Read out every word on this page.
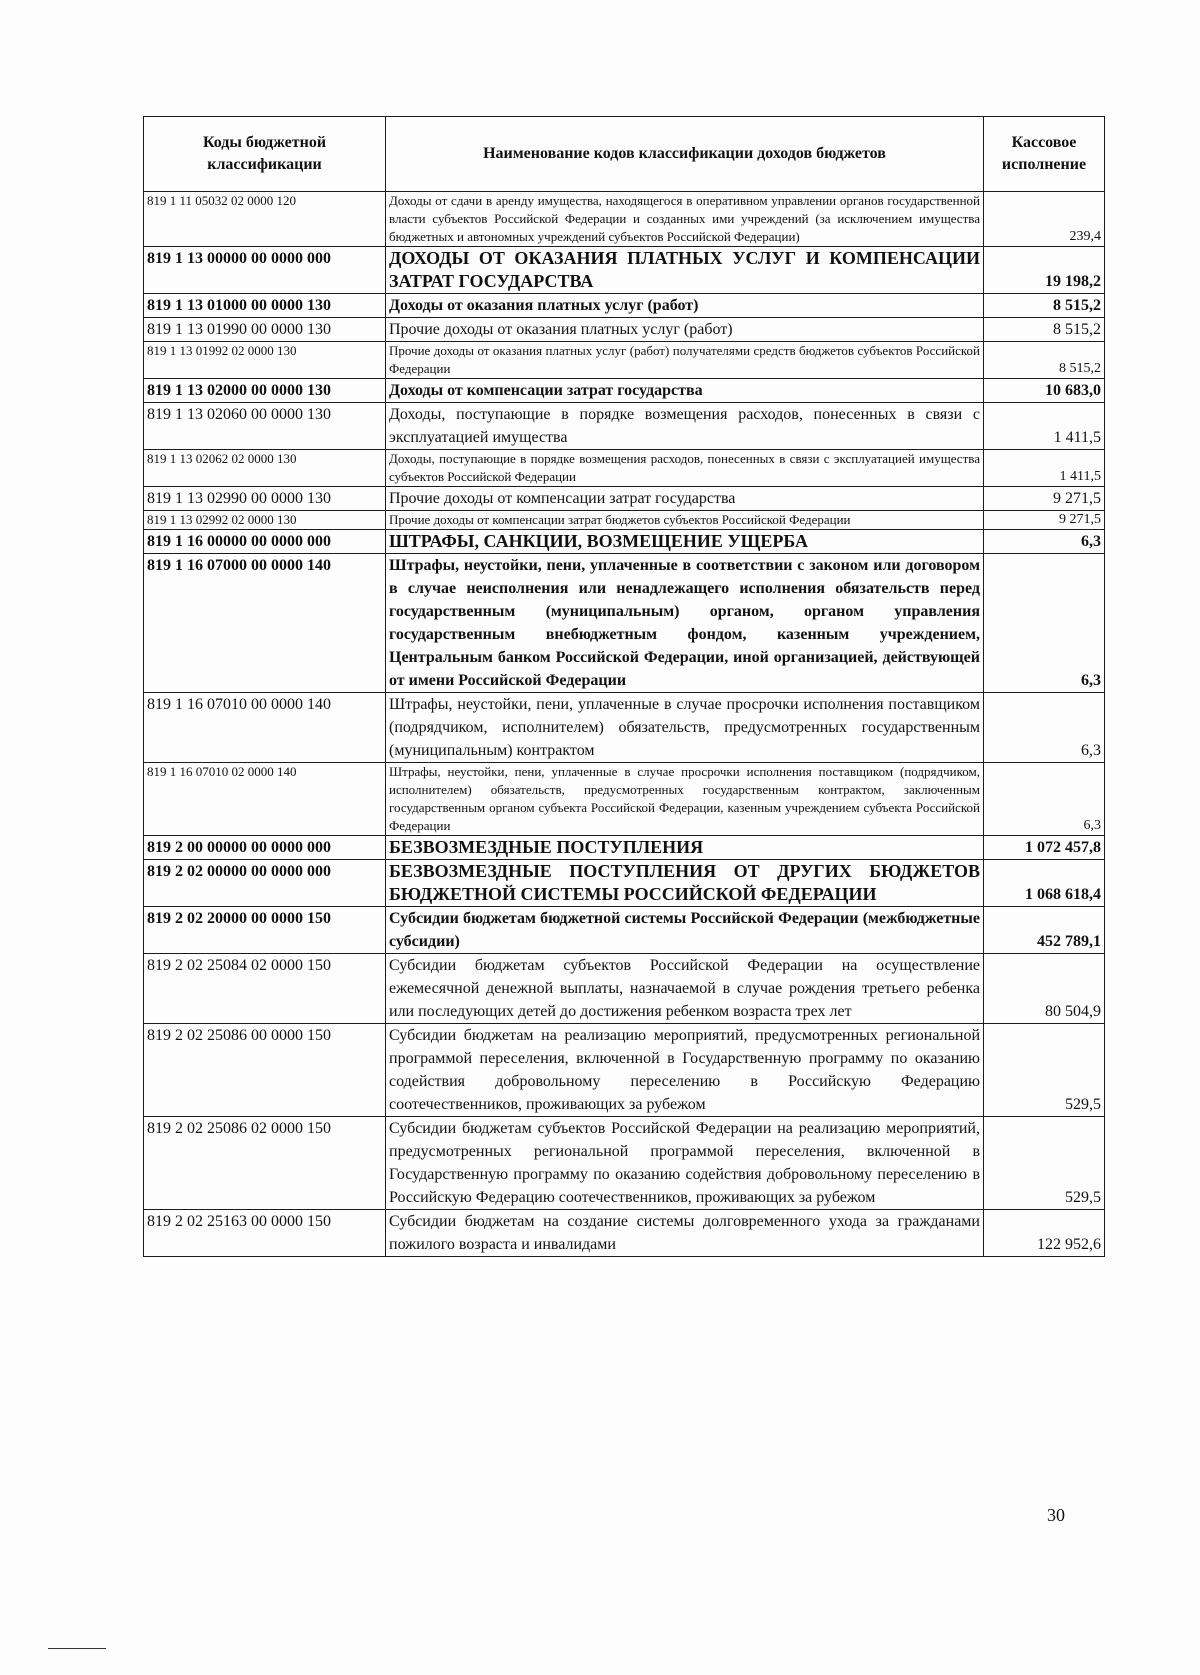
Коды бюджетной классификации	Наименование кодов классификации доходов бюджетов	Кассовое исполнение
819 1 11 05032 02 0000 120	Доходы от сдачи в аренду имущества, находящегося в оперативном управлении органов государственной власти субъектов Российской Федерации и созданных ими учреждений (за исключением имущества бюджетных и автономных учреждений субъектов Российской Федерации)	239,4
819 1 13 00000 00 0000 000	ДОХОДЫ ОТ ОКАЗАНИЯ ПЛАТНЫХ УСЛУГ И КОМПЕНСАЦИИ ЗАТРАТ ГОСУДАРСТВА	19 198,2
819 1 13 01000 00 0000 130	Доходы от оказания платных услуг (работ)	8 515,2
819 1 13 01990 00 0000 130	Прочие доходы от оказания платных услуг (работ)	8 515,2
819 1 13 01992 02 0000 130	Прочие доходы от оказания платных услуг (работ) получателями средств бюджетов субъектов Российской Федерации	8 515,2
819 1 13 02000 00 0000 130	Доходы от компенсации затрат государства	10 683,0
819 1 13 02060 00 0000 130	Доходы, поступающие в порядке возмещения расходов, понесенных в связи с эксплуатацией имущества	1 411,5
819 1 13 02062 02 0000 130	Доходы, поступающие в порядке возмещения расходов, понесенных в связи с эксплуатацией имущества субъектов Российской Федерации	1 411,5
819 1 13 02990 00 0000 130	Прочие доходы от компенсации затрат государства	9 271,5
819 1 13 02992 02 0000 130	Прочие доходы от компенсации затрат бюджетов субъектов Российской Федерации	9 271,5
819 1 16 00000 00 0000 000	ШТРАФЫ, САНКЦИИ, ВОЗМЕЩЕНИЕ УЩЕРБА	6,3
819 1 16 07000 00 0000 140	Штрафы, неустойки, пени, уплаченные в соответствии с законом или договором в случае неисполнения или ненадлежащего исполнения обязательств перед государственным (муниципальным) органом, органом управления государственным внебюджетным фондом, казенным учреждением, Центральным банком Российской Федерации, иной организацией, действующей от имени Российской Федерации	6,3
819 1 16 07010 00 0000 140	Штрафы, неустойки, пени, уплаченные в случае просрочки исполнения поставщиком (подрядчиком, исполнителем) обязательств, предусмотренных государственным (муниципальным) контрактом	6,3
819 1 16 07010 02 0000 140	Штрафы, неустойки, пени, уплаченные в случае просрочки исполнения поставщиком (подрядчиком, исполнителем) обязательств, предусмотренных государственным контрактом, заключенным государственным органом субъекта Российской Федерации, казенным учреждением субъекта Российской Федерации	6,3
819 2 00 00000 00 0000 000	БЕЗВОЗМЕЗДНЫЕ ПОСТУПЛЕНИЯ	1 072 457,8
819 2 02 00000 00 0000 000	БЕЗВОЗМЕЗДНЫЕ ПОСТУПЛЕНИЯ ОТ ДРУГИХ БЮДЖЕТОВ БЮДЖЕТНОЙ СИСТЕМЫ РОССИЙСКОЙ ФЕДЕРАЦИИ	1 068 618,4
819 2 02 20000 00 0000 150	Субсидии бюджетам бюджетной системы Российской Федерации (межбюджетные субсидии)	452 789,1
819 2 02 25084 02 0000 150	Субсидии бюджетам субъектов Российской Федерации на осуществление ежемесячной денежной выплаты, назначаемой в случае рождения третьего ребенка или последующих детей до достижения ребенком возраста трех лет	80 504,9
819 2 02 25086 00 0000 150	Субсидии бюджетам на реализацию мероприятий, предусмотренных региональной программой переселения, включенной в Государственную программу по оказанию содействия добровольному переселению в Российскую Федерацию соотечественников, проживающих за рубежом	529,5
819 2 02 25086 02 0000 150	Субсидии бюджетам субъектов Российской Федерации на реализацию мероприятий, предусмотренных региональной программой переселения, включенной в Государственную программу по оказанию содействия добровольному переселению в Российскую Федерацию соотечественников, проживающих за рубежом	529,5
819 2 02 25163 00 0000 150	Субсидии бюджетам на создание системы долговременного ухода за гражданами пожилого возраста и инвалидами	122 952,6
30
